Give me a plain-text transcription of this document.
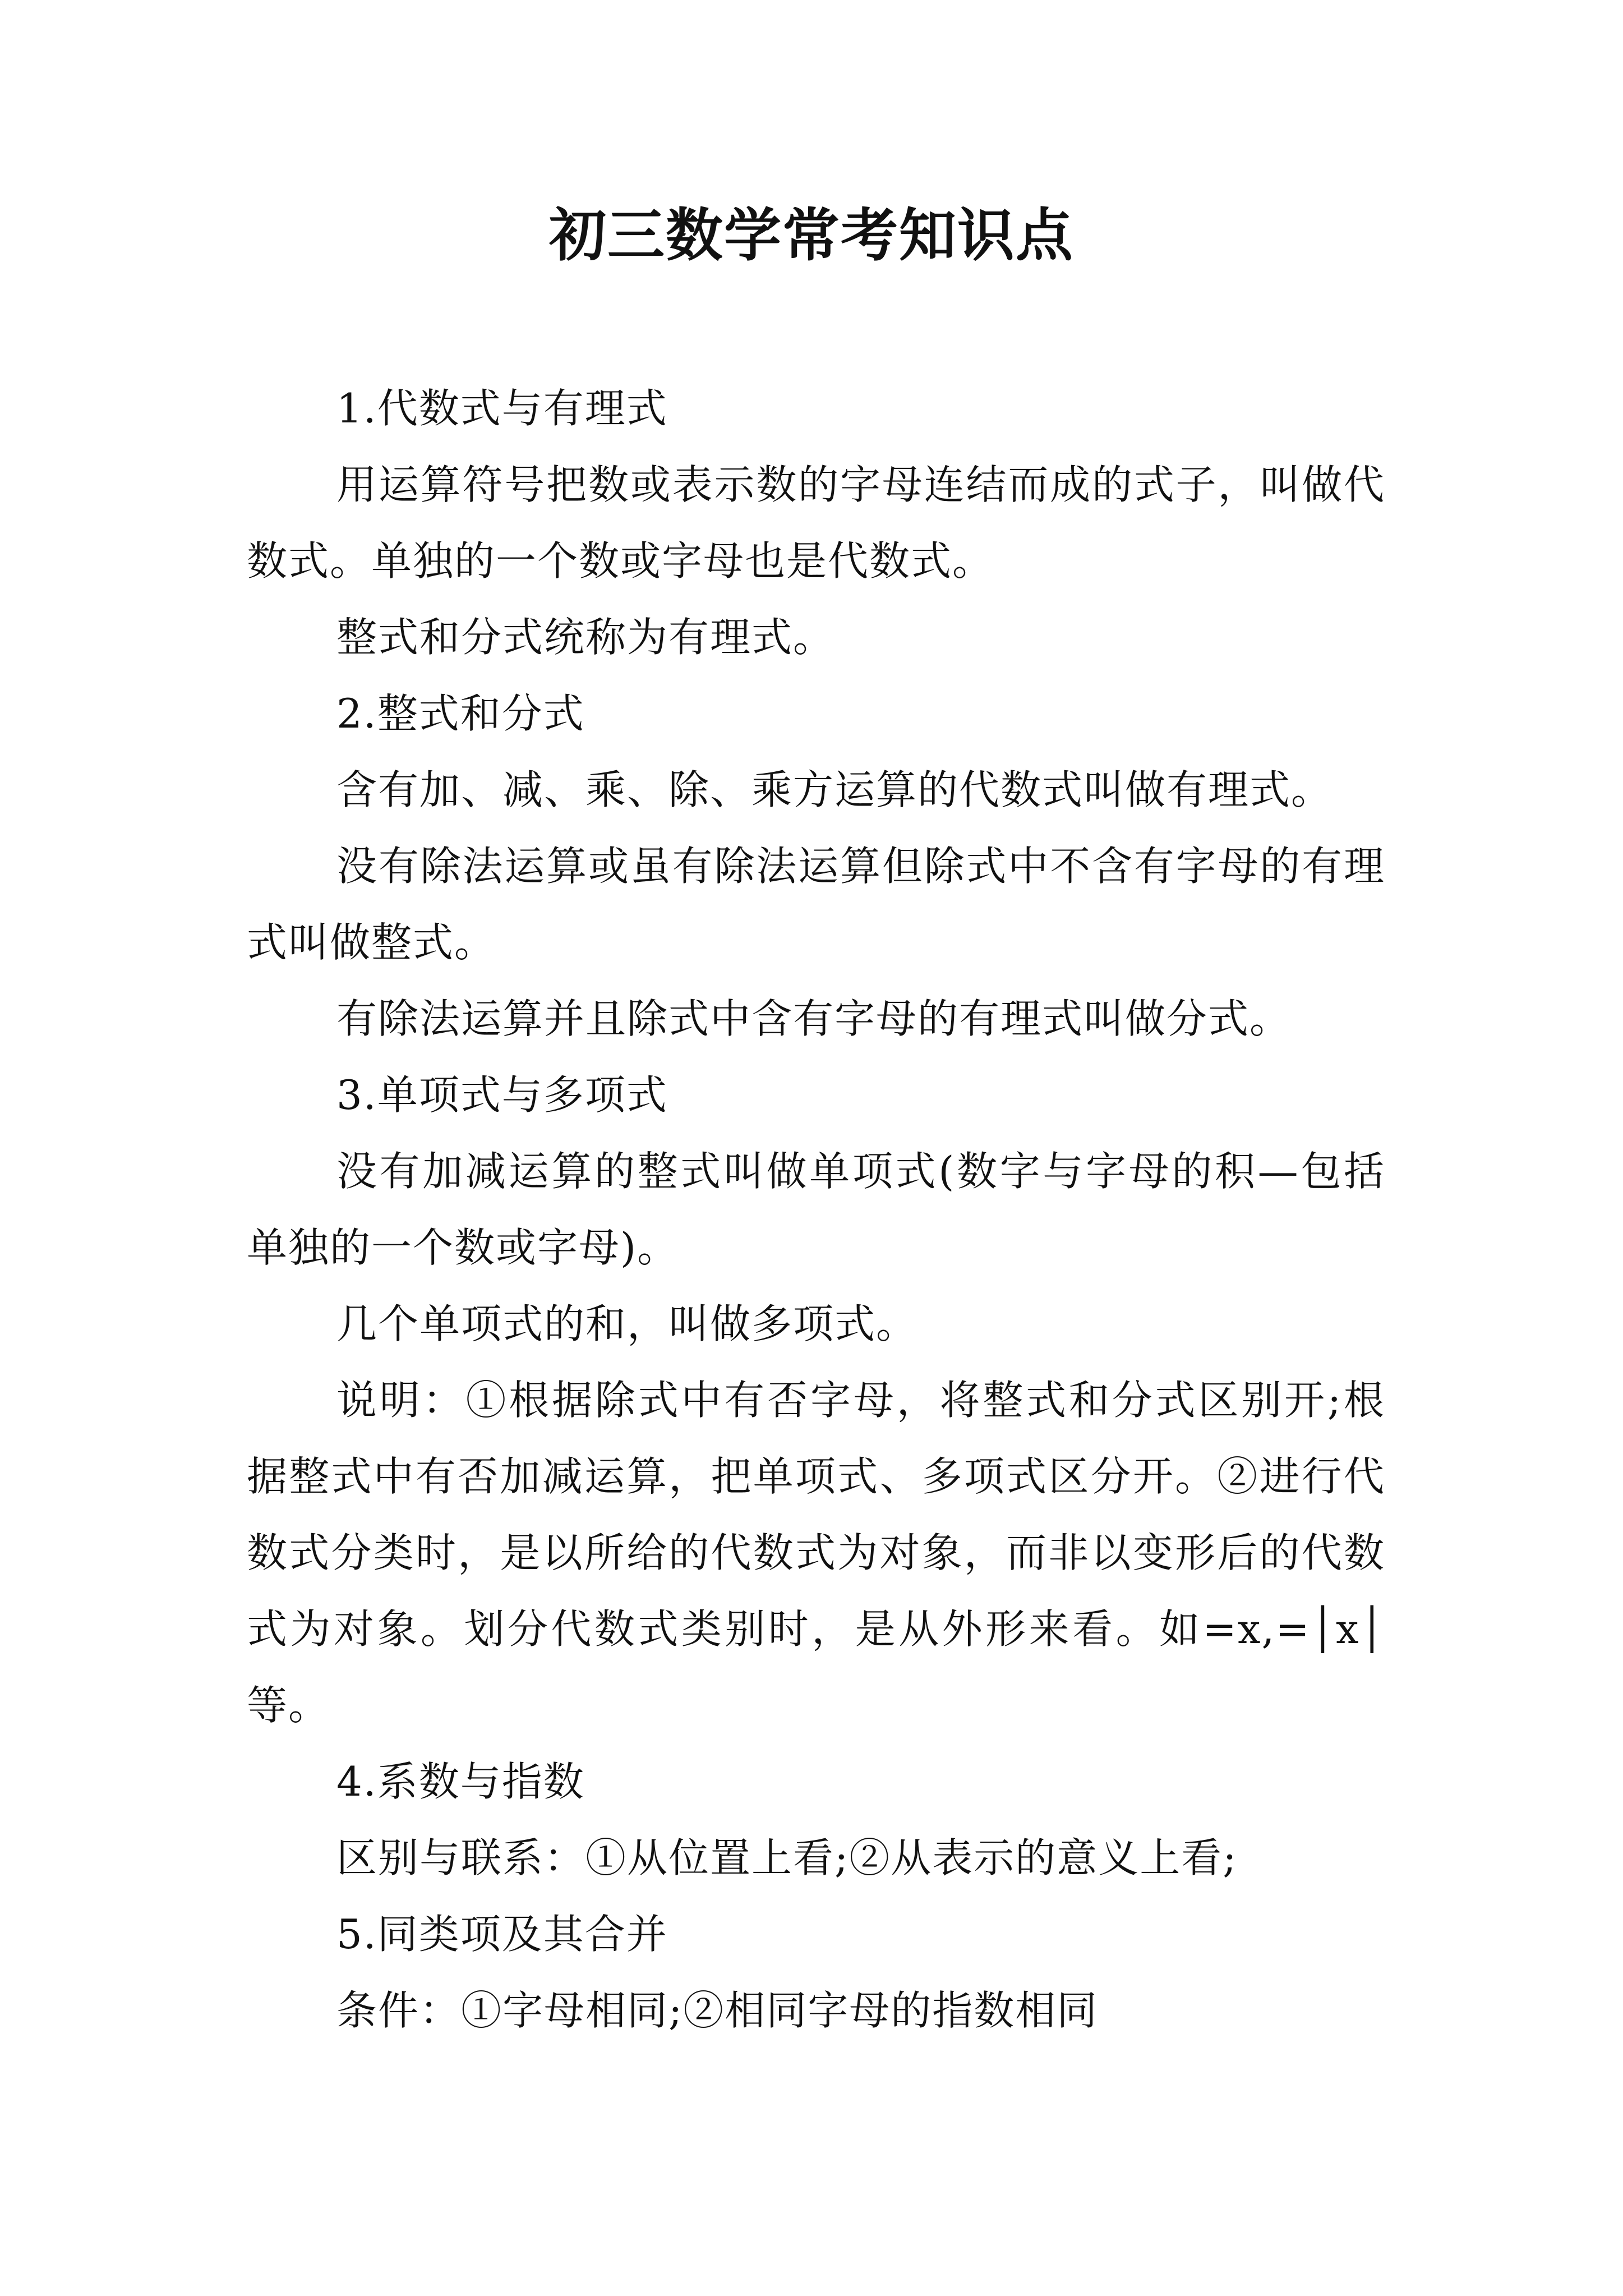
初三数学常考知识点

1.代数式与有理式

用运算符号把数或表示数的字母连结而成的式子，叫做代数式。单独的一个数或字母也是代数式。

整式和分式统称为有理式。

2.整式和分式

含有加、减、乘、除、乘方运算的代数式叫做有理式。

没有除法运算或虽有除法运算但除式中不含有字母的有理式叫做整式。

有除法运算并且除式中含有字母的有理式叫做分式。

3.单项式与多项式

没有加减运算的整式叫做单项式(数字与字母的积—包括单独的一个数或字母)。

几个单项式的和，叫做多项式。

说明：①根据除式中有否字母，将整式和分式区别开;根据整式中有否加减运算，把单项式、多项式区分开。②进行代数式分类时，是以所给的代数式为对象，而非以变形后的代数式为对象。划分代数式类别时，是从外形来看。如=x,=│x│等。

4.系数与指数

区别与联系：①从位置上看;②从表示的意义上看;

5.同类项及其合并

条件：①字母相同;②相同字母的指数相同
